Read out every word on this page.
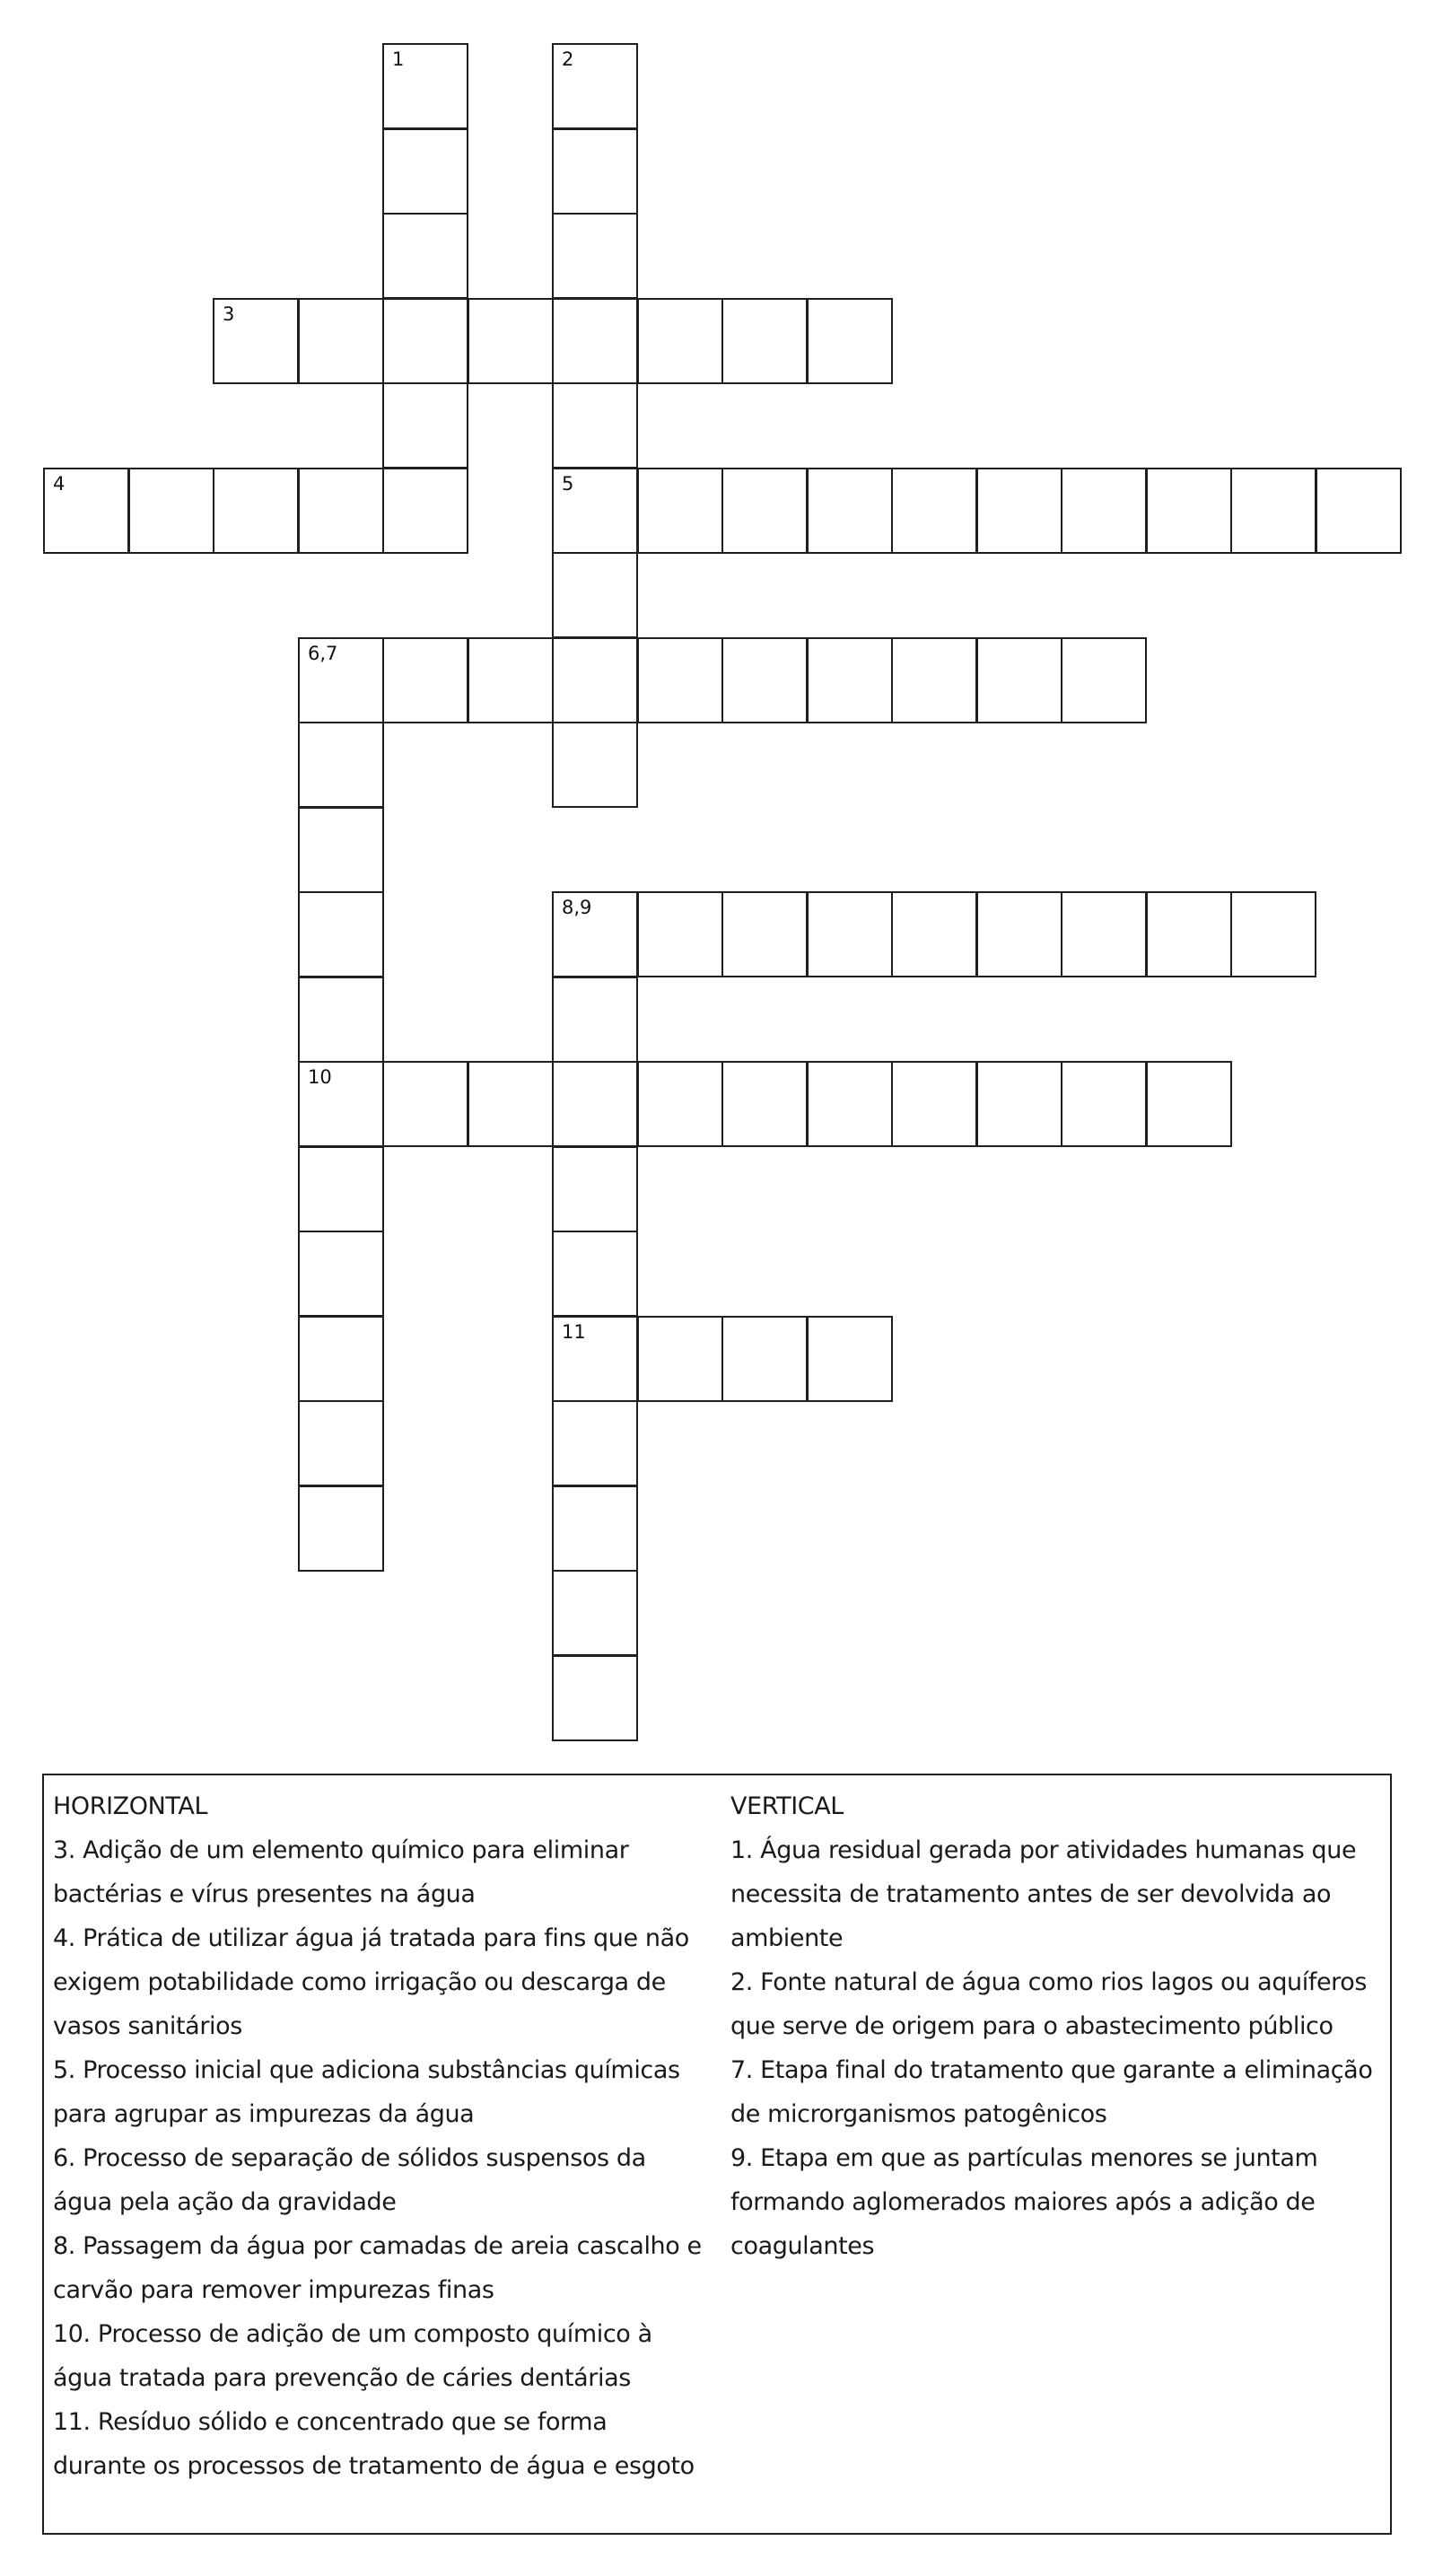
1	2
5
3
4
6,7
10
8,9
11
HORIZONTAL

3. Adição de um elemento químico para eliminar

bactérias e vírus presentes na água

4. Prática de utilizar água já tratada para fins que não

exigem potabilidade como irrigação ou descarga de

vasos sanitários

5. Processo inicial que adiciona substâncias químicas

para agrupar as impurezas da água

6. Processo de separação de sólidos suspensos da

água pela ação da gravidade

8. Passagem da água por camadas de areia cascalho e

carvão para remover impurezas finas

10. Processo de adição de um composto químico à

água tratada para prevenção de cáries dentárias

11. Resíduo sólido e concentrado que se forma

durante os processos de tratamento de água e esgoto

VERTICAL

1. Água residual gerada por atividades humanas que

necessita de tratamento antes de ser devolvida ao

ambiente

2. Fonte natural de água como rios lagos ou aquíferos

que serve de origem para o abastecimento público

7. Etapa final do tratamento que garante a eliminação

de microrganismos patogênicos

9. Etapa em que as partículas menores se juntam

formando aglomerados maiores após a adição de

coagulantes
